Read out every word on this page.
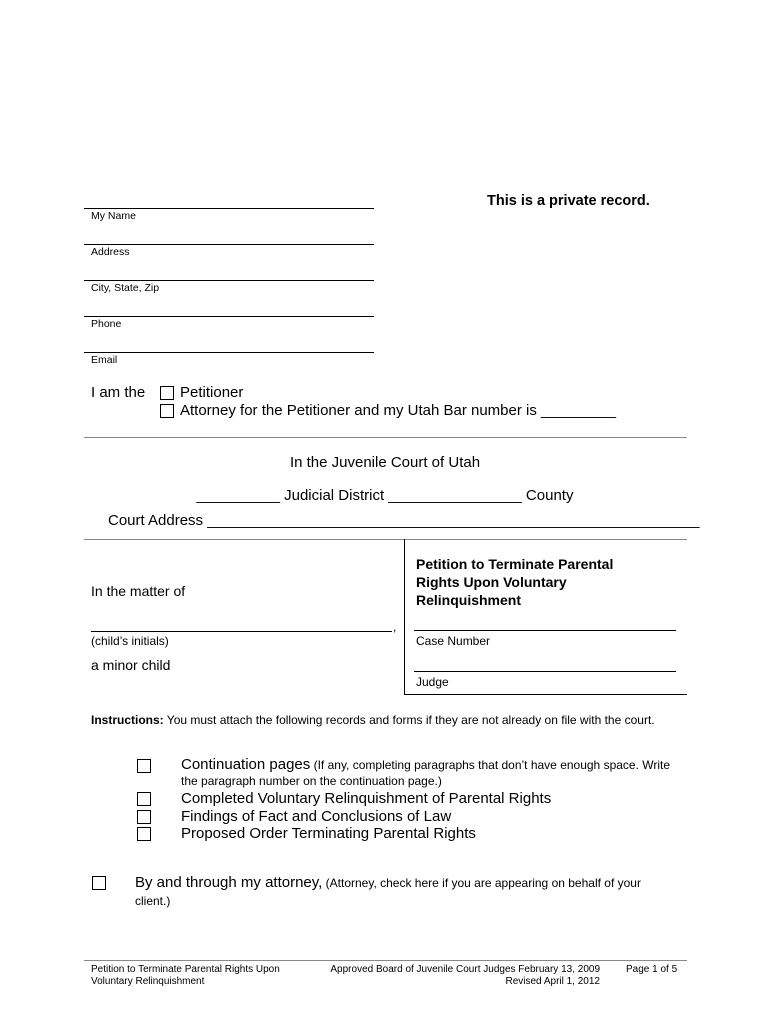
This is a private record.
My Name
Address
City, State, Zip
Phone
Email
I am the Petitioner
Attorney for the Petitioner and my Utah Bar number is _________
In the Juvenile Court of Utah
__________ Judicial District ________________ County
Court Address ___________________________________________________________
In the matter of
,
(child’s initials)
a minor child
Petition to Terminate Parental Rights Upon Voluntary Relinquishment
Case Number
Judge
Instructions: You must attach the following records and forms if they are not already on file with the court.
Continuation pages (If any, completing paragraphs that don’t have enough space. Write the paragraph number on the continuation page.)
Completed Voluntary Relinquishment of Parental Rights
Findings of Fact and Conclusions of Law
Proposed Order Terminating Parental Rights
By and through my attorney, (Attorney, check here if you are appearing on behalf of your client.)
Petition to Terminate Parental Rights Upon
Voluntary Relinquishment
Approved Board of Juvenile Court Judges February 13, 2009
Revised April 1, 2012
Page 1 of 5
